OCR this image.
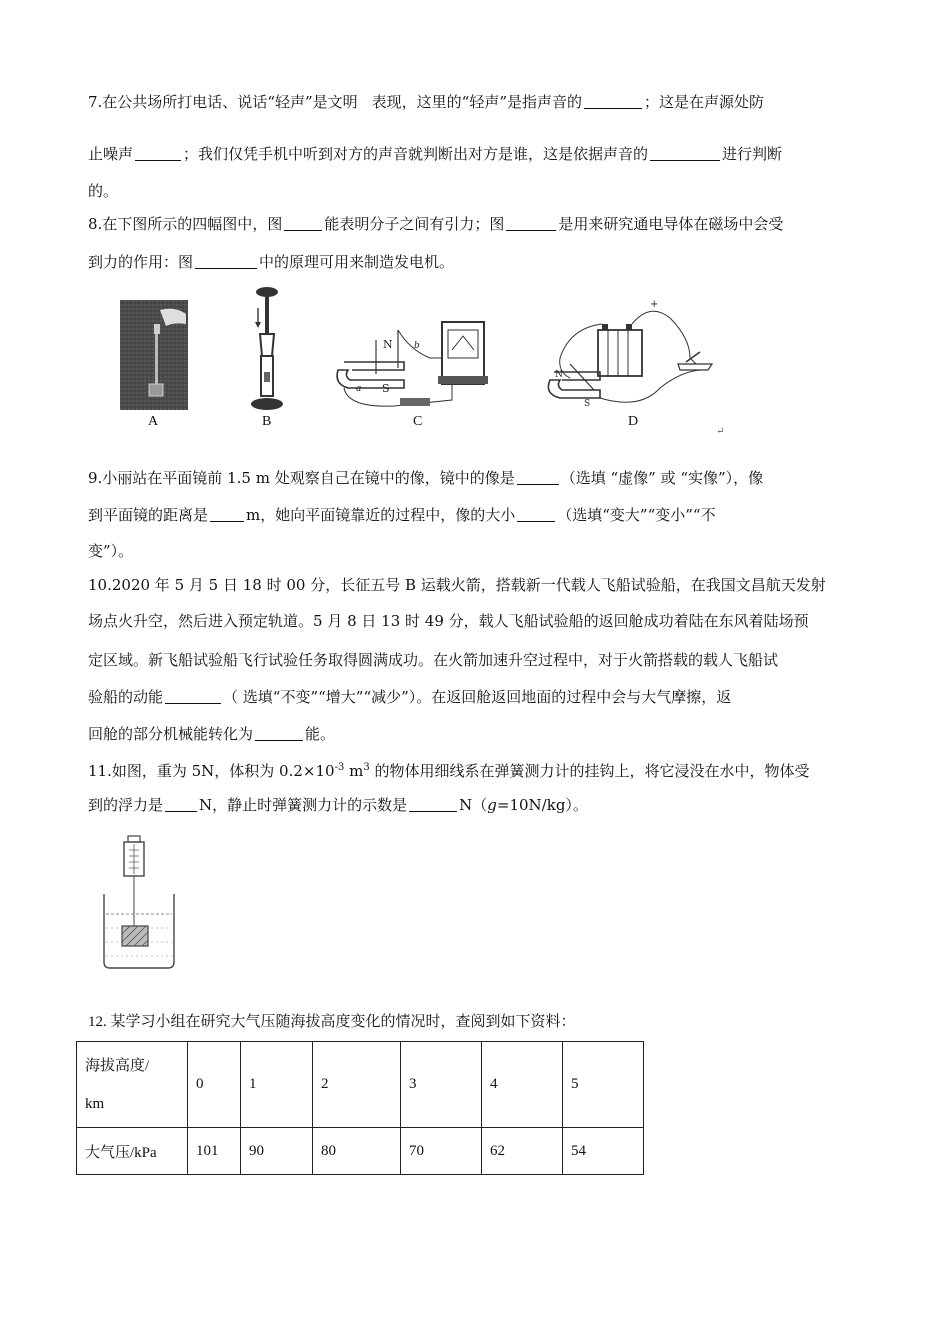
7.在公共场所打电话、说话“轻声”是文明 表现，这里的“轻声”是指声音的	；这是在声源处防
止噪声	；我们仅凭手机中听到对方的声音就判断出对方是谁，这是依据声音的	进行判断
的。
8.在下图所示的四幅图中，图	能表明分子之间有引力；图	是用来研究通电导体在磁场中会受
到力的作用：图	中的原理可用来制造发电机。
A	B
N
S
b
a
C
N
S
+
D
↵
9.小丽站在平面镜前 1.5 m 处观察自己在镜中的像，镜中的像是	（选填 “虚像” 或 “实像”），像
到平面镜的距离是	m，她向平面镜靠近的过程中，像的大小	（选填“变大”“变小”“不
变”）。
10.2020 年 5 月 5 日 18 时 00 分，长征五号 B 运载火箭，搭载新一代载人飞船试验船，在我国文昌航天发射
场点火升空，然后进入预定轨道。5 月 8 日 13 时 49 分，载人飞船试验船的返回舱成功着陆在东风着陆场预
定区域。新飞船试验船飞行试验任务取得圆满成功。在火箭加速升空过程中，对于火箭搭载的载人飞船试
验船的动能	（ 选填“不变”“增大”“减少”）。在返回舱返回地面的过程中会与大气摩擦，返
回舱的部分机械能转化为	能。
11.如图，重为 5N，体积为 $0.2\times 10^{-3}$ $m^3$ 的物体用细线系在弹簧测力计的挂钩上，将它浸没在水中，物体受
到的浮力是 N，静止时弹簧测力计的示数是	N（g=10N/kg）。
12. 某学习小组在研究大气压随海拔高度变化的情况时，查阅到如下资料：
海拔高度/
km	0	1	2	3	4	5
大气压/kPa	101	90	80	70	62	54
